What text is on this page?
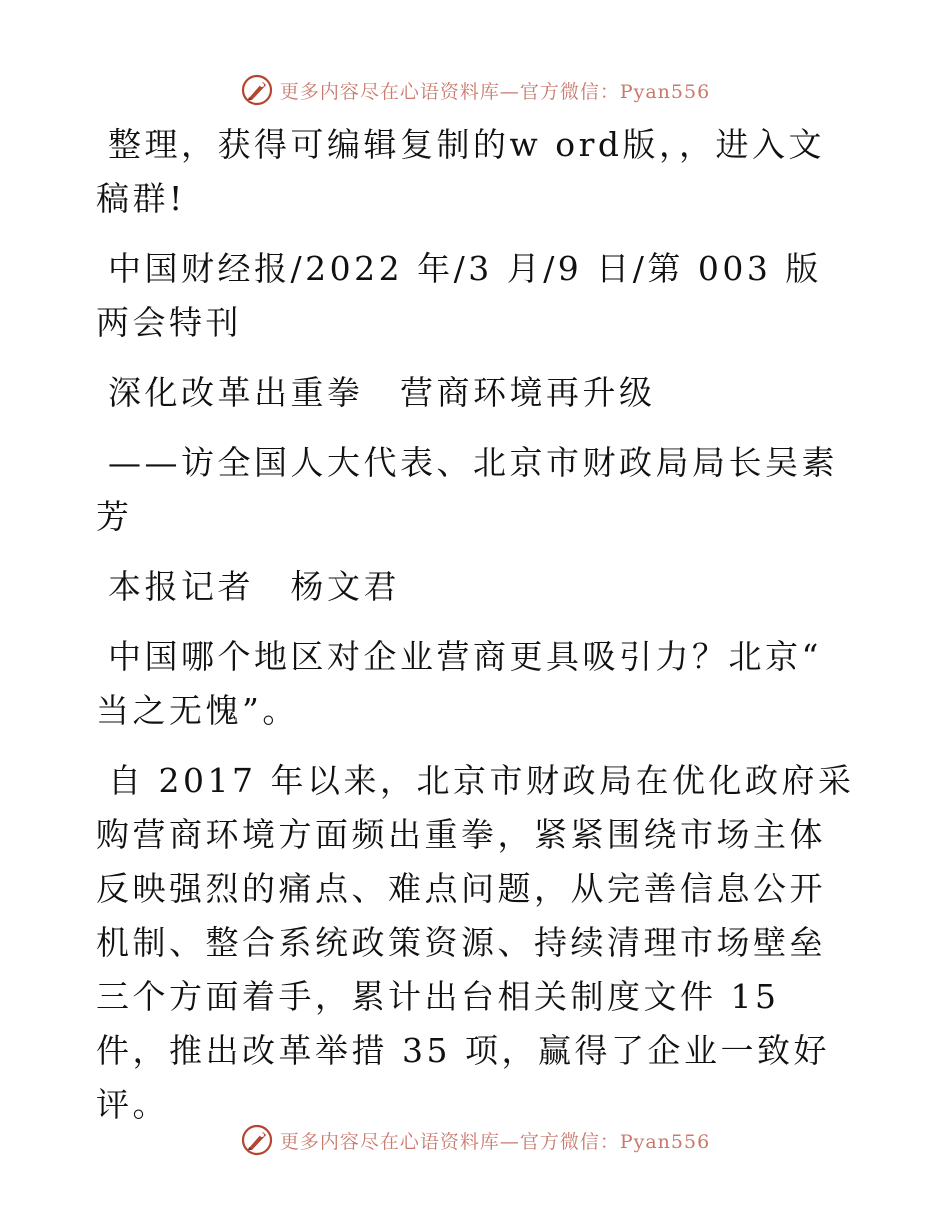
更多内容尽在心语资料库—官方微信：Pyan556

整理，获得可编辑复制的w ord版，，进入文稿群!

中国财经报/2022 年/3 月/9 日/第 003 版两会特刊

深化改革出重拳　营商环境再升级

——访全国人大代表、北京市财政局局长吴素芳

本报记者　杨文君

中国哪个地区对企业营商更具吸引力？北京“ 当之无愧”。

自 2017 年以来，北京市财政局在优化政府采购营商环境方面频出重拳，紧紧围绕市场主体反映强烈的痛点、难点问题，从完善信息公开机制、整合系统政策资源、持续清理市场壁垒三个方面着手，累计出台相关制度文件 15 件，推出改革举措 35 项，赢得了企业一致好评。

更多内容尽在心语资料库—官方微信：Pyan556
